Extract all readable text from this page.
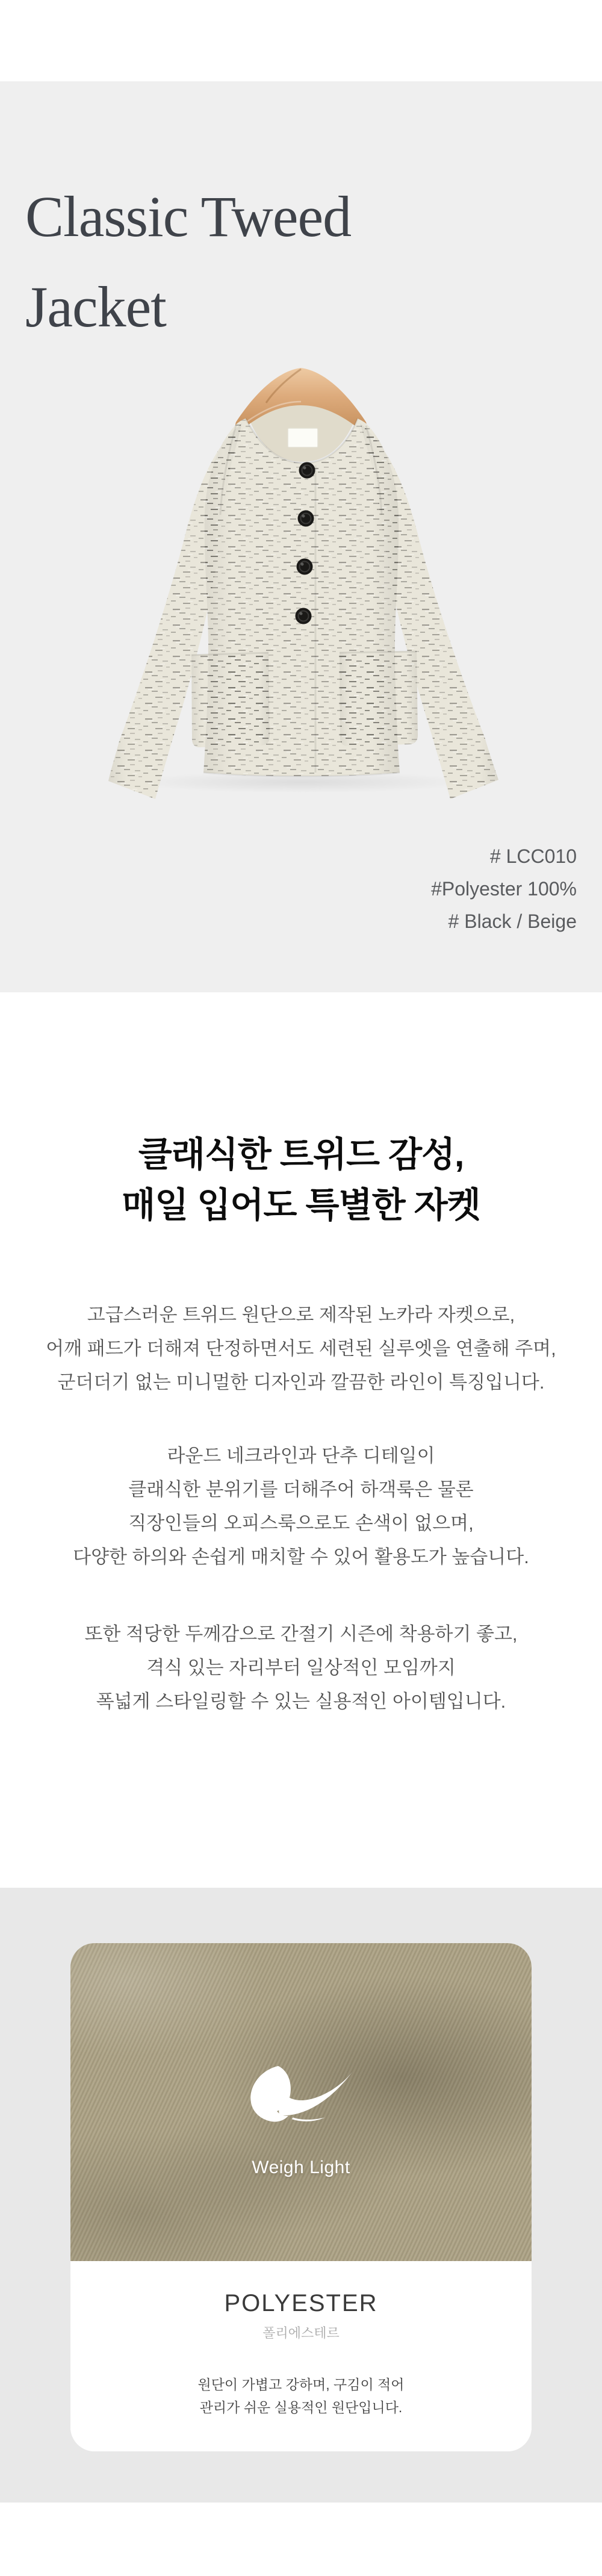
Classic Tweed
Jacket
# LCC010
#Polyester 100%
# Black / Beige
클래식한 트위드 감성,
매일 입어도 특별한 자켓
고급스러운 트위드 원단으로 제작된 노카라 자켓으로,
어깨 패드가 더해져 단정하면서도 세련된 실루엣을 연출해 주며,
군더더기 없는 미니멀한 디자인과 깔끔한 라인이 특징입니다.
라운드 네크라인과 단추 디테일이
클래식한 분위기를 더해주어 하객룩은 물론
직장인들의 오피스룩으로도 손색이 없으며,
다양한 하의와 손쉽게 매치할 수 있어 활용도가 높습니다.
또한 적당한 두께감으로 간절기 시즌에 착용하기 좋고,
격식 있는 자리부터 일상적인 모임까지
폭넓게 스타일링할 수 있는 실용적인 아이템입니다.
Weigh Light
POLYESTER
폴리에스테르
원단이 가볍고 강하며, 구김이 적어
관리가 쉬운 실용적인 원단입니다.
